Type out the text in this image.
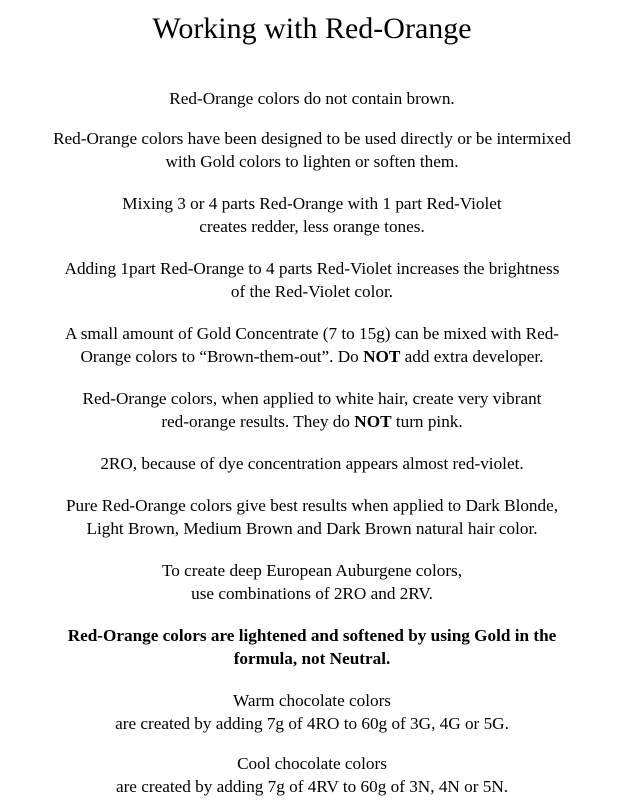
Working with Red-Orange
Red-Orange colors do not contain brown.
Red-Orange colors have been designed to be used directly or be intermixed
with Gold colors to lighten or soften them.
Mixing 3 or 4 parts Red-Orange with 1 part Red-Violet
creates redder, less orange tones.
Adding 1part Red-Orange to 4 parts Red-Violet increases the brightness
of the Red-Violet color.
A small amount of Gold Concentrate (7 to 15g) can be mixed with Red-
Orange colors to “Brown-them-out”. Do NOT add extra developer.
Red-Orange colors, when applied to white hair, create very vibrant
red-orange results. They do NOT turn pink.
2RO, because of dye concentration appears almost red-violet.
Pure Red-Orange colors give best results when applied to Dark Blonde,
Light Brown, Medium Brown and Dark Brown natural hair color.
To create deep European Auburgene colors,
use combinations of 2RO and 2RV.
Red-Orange colors are lightened and softened by using Gold in the
formula, not Neutral.
Warm chocolate colors
are created by adding 7g of 4RO to 60g of 3G, 4G or 5G.
Cool chocolate colors
are created by adding 7g of 4RV to 60g of 3N, 4N or 5N.
